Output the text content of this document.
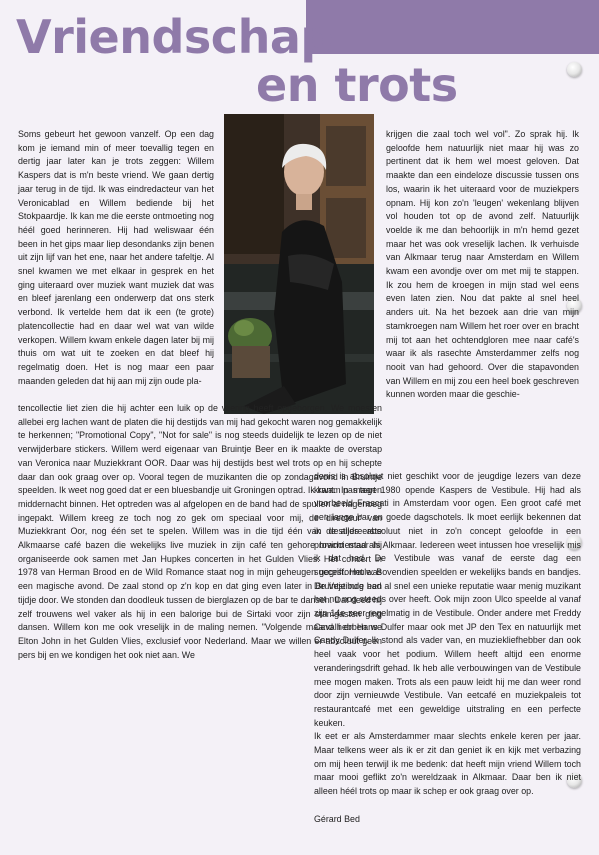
Vriendschap
en trots

Soms gebeurt het gewoon vanzelf. Op een dag kom je iemand min of meer toevallig tegen en dertig jaar later kan je trots zeggen: Willem Kaspers dat is m'n beste vriend. We gaan dertig jaar terug in de tijd. Ik was eindredacteur van het Veronicablad en Willem bediende bij het Stokpaardje. Ik kan me die eerste ontmoeting nog héél goed herinneren. Hij had weliswaar één been in het gips maar liep desondanks zijn benen uit zijn lijf van het ene, naar het andere tafeltje. Al snel kwamen we met elkaar in gesprek en het ging uiteraard over muziek want muziek dat was en bleef jarenlang een onderwerp dat ons sterk verbond. Ik vertelde hem dat ik een (te grote) platencollectie had en daar wel wat van wilde verkopen. Willem kwam enkele dagen later bij mij thuis om wat uit te zoeken en dat bleef hij regelmatig doen. Het is nog maar een paar maanden geleden dat hij aan mij zijn oude pla-

krijgen die zaal toch wel vol". Zo sprak hij. Ik geloofde hem natuurlijk niet maar hij was zo pertinent dat ik hem wel moest geloven. Dat maakte dan een eindeloze discussie tussen ons los, waarin ik het uiteraard voor de muziekpers opnam. Hij kon zo'n 'leugen' wekenlang blijven vol houden tot op de avond zelf. Natuurlijk voelde ik me dan behoorlijk in m'n hemd gezet maar het was ook vreselijk lachen. Ik verhuisde van Alkmaar terug naar Amsterdam en Willem kwam een avondje over om met mij te stappen. Ik zou hem de kroegen in mijn stad wel eens even laten zien. Nou dat pakte al snel heel anders uit. Na het bezoek aan drie van mijn stamkroegen nam Willem het roer over en bracht mij tot aan het ochtendgloren mee naar café's waar ik als rasechte Amsterdammer zelfs nog nooit van had gehoord. Over die stapavonden van Willem en mij zou een heel boek geschreven kunnen worden maar die geschie-

tencollectie liet zien die hij achter een luik op de vliering heeft opgeborgen. We moesten allebei erg lachen want de platen die hij destijds van mij had gekocht waren nog gemakkelijk te herkennen; "Promotional Copy", "Not for sale" is nog steeds duidelijk te lezen op de niet verwijderbare stickers. Willem werd eigenaar van Bruintje Beer en ik maakte de overstap van Veronica naar Muziekkrant OOR. Daar was hij destijds best wel trots op en hij schepte daar dan ook graag over op. Vooral tegen de muzikanten die op zondagavond in Bruintje speelden. Ik weet nog goed dat er een bluesbandje uit Groningen optrad. Ik kwam pas tegen middernacht binnen. Het optreden was al afgelopen en de band had de spullen al nagenoeg ingepakt. Willem kreeg ze toch nog zo gek om speciaal voor mij, de 'directeur' van Muziekkrant Oor, nog één set te spelen. Willem was in die tijd één van de allereerste Alkmaarse café bazen die wekelijks live muziek in zijn café ten gehore bracht maar hij organiseerde ook samen met Jan Hupkes concerten in het Gulden Vlies. Het concert in 1978 van Herman Brood en de Wild Romance staat nog in mijn geheugen gegrift. Het was een magische avond. De zaal stond op z'n kop en dat ging even later in Bruintje nog een tijdje door. We stonden dan doodleuk tussen de bierglazen op de bar te dansen. Dat deed hij zelf trouwens wel vaker als hij in een balorige bui de Sirtaki voor zijn stamgasten ging dansen. Willem kon me ook vreselijk in de maling nemen. "Volgende maand hebben we Elton John in het Gulden Vlies, exclusief voor Nederland. Maar we willen er absoluut geen pers bij en we kondigen het ook niet aan. We

denis is absoluut niet geschikt voor de jeugdige lezers van deze krant. In maart 1980 opende Kaspers de Vestibule. Hij had als voorbeeld Frascati in Amsterdam voor ogen. Een groot café met een lange bar en goede dagschotels. Ik moet eerlijk bekennen dat ik destijds absoluut niet in zo'n concept geloofde in een provinciestad als Alkmaar. Iedereen weet intussen hoe vreselijk mis ik dat had. De Vestibule was vanaf de eerste dag een succesformule. Bovendien speelden er wekelijks bands en bandjes. De Vestibule had al snel een unieke reputatie waar menig muzikant het nu nog steeds over heeft. Ook mijn zoon Ulco speelde al vanaf zijn 14e zeer regelmatig in de Vestibule. Onder andere met Freddy Cavalli en Hans Dulfer maar ook met JP den Tex en natuurlijk met Candy Dulfer. Ik stond als vader van, en muziekliefhebber dan ook heel vaak voor het podium. Willem heeft altijd een enorme veranderingsdrift gehad. Ik heb alle verbouwingen van de Vestibule mee mogen maken. Trots als een pauw leidt hij me dan weer rond door zijn vernieuwde Vestibule. Van eetcafé en muziekpaleis tot restaurantcafé met een geweldige uitstraling en een perfecte keuken.

Ik eet er als Amsterdammer maar slechts enkele keren per jaar. Maar telkens weer als ik er zit dan geniet ik en kijk met verbazing om mij heen terwijl ik me bedenk: dat heeft mijn vriend Willem toch maar mooi geflikt zo'n wereldzaak in Alkmaar. Daar ben ik niet alleen héél trots op maar ik schep er ook graag over op.

Gérard Bed
